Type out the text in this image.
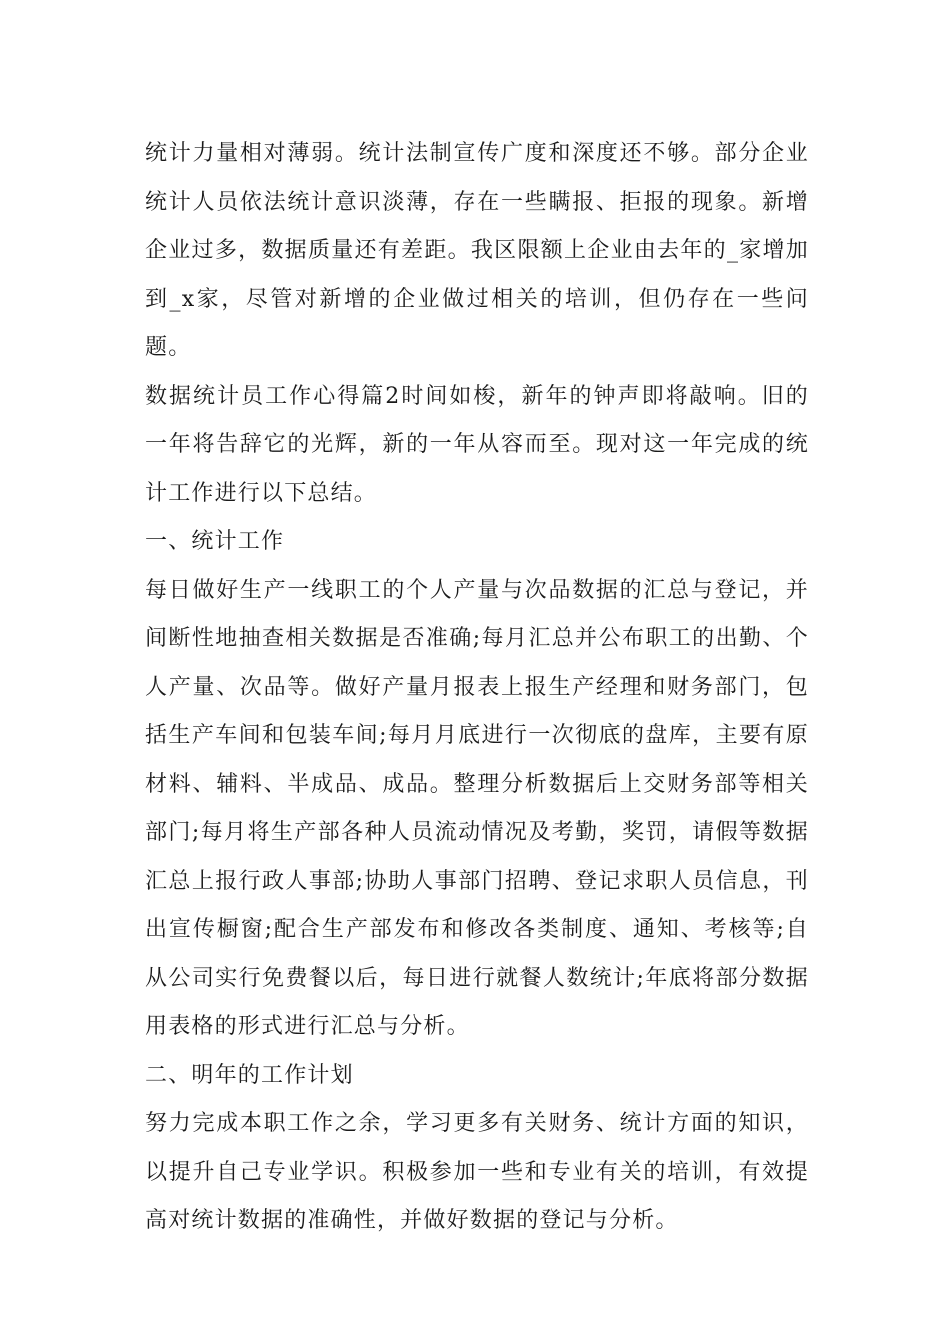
统计力量相对薄弱。统计法制宣传广度和深度还不够。部分企业统计人员依法统计意识淡薄，存在一些瞒报、拒报的现象。新增企业过多，数据质量还有差距。我区限额上企业由去年的_家增加到_x家，尽管对新增的企业做过相关的培训，但仍存在一些问题。

数据统计员工作心得篇2时间如梭，新年的钟声即将敲响。旧的一年将告辞它的光辉，新的一年从容而至。现对这一年完成的统计工作进行以下总结。

一、统计工作

每日做好生产一线职工的个人产量与次品数据的汇总与登记，并间断性地抽查相关数据是否准确;每月汇总并公布职工的出勤、个人产量、次品等。做好产量月报表上报生产经理和财务部门，包括生产车间和包装车间;每月月底进行一次彻底的盘库，主要有原材料、辅料、半成品、成品。整理分析数据后上交财务部等相关部门;每月将生产部各种人员流动情况及考勤，奖罚，请假等数据汇总上报行政人事部;协助人事部门招聘、登记求职人员信息，刊出宣传橱窗;配合生产部发布和修改各类制度、通知、考核等;自从公司实行免费餐以后，每日进行就餐人数统计;年底将部分数据用表格的形式进行汇总与分析。

二、明年的工作计划

努力完成本职工作之余，学习更多有关财务、统计方面的知识，以提升自己专业学识。积极参加一些和专业有关的培训，有效提高对统计数据的准确性，并做好数据的登记与分析。
